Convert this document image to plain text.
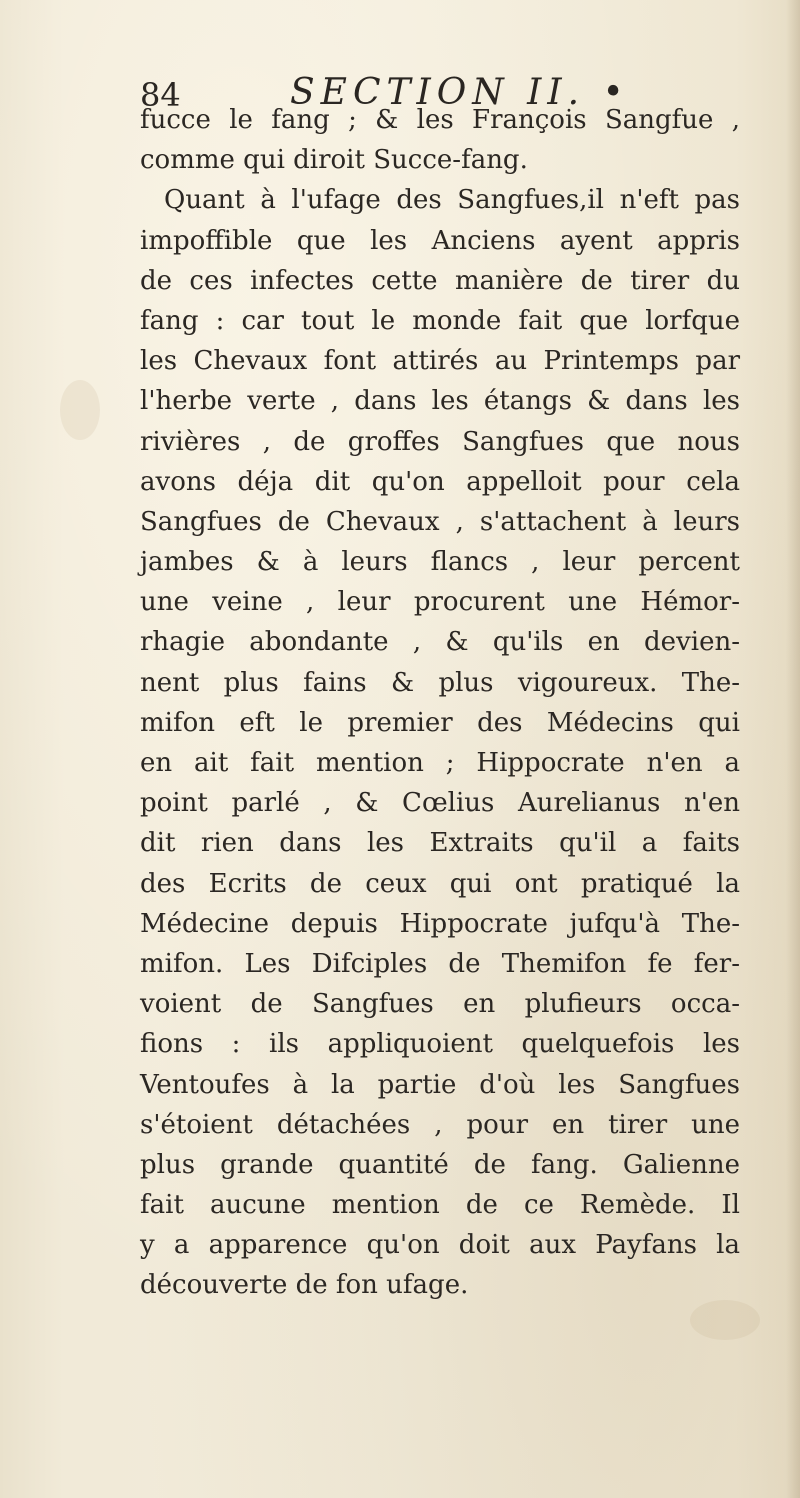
84	SECTION II. •
fucce le fang ; & les François Sangfue ,
comme qui diroit Succe-fang.
Quant à l'ufage des Sangfues,il n'eft pas
impoffible que les Anciens ayent appris
de ces infectes cette manière de tirer du
fang : car tout le monde fait que lorfque
les Chevaux font attirés au Printemps par
l'herbe verte , dans les étangs & dans les
rivières , de groffes Sangfues que nous
avons déja dit qu'on appelloit pour cela
Sangfues de Chevaux , s'attachent à leurs
jambes & à leurs flancs , leur percent
une veine , leur procurent une Hémor-
rhagie abondante , & qu'ils en devien-
nent plus fains & plus vigoureux. The-
mifon eft le premier des Médecins qui
en ait fait mention ; Hippocrate n'en a
point parlé , & Cœlius Aurelianus n'en
dit rien dans les Extraits qu'il a faits
des Ecrits de ceux qui ont pratiqué la
Médecine depuis Hippocrate jufqu'à The-
mifon. Les Difciples de Themifon fe fer-
voient de Sangfues en plufieurs occa-
fions : ils appliquoient quelquefois les
Ventoufes à la partie d'où les Sangfues
s'étoient détachées , pour en tirer une
plus grande quantité de fang. Galienne
fait aucune mention de ce Remède. Il
y a apparence qu'on doit aux Payfans la
découverte de fon ufage.
